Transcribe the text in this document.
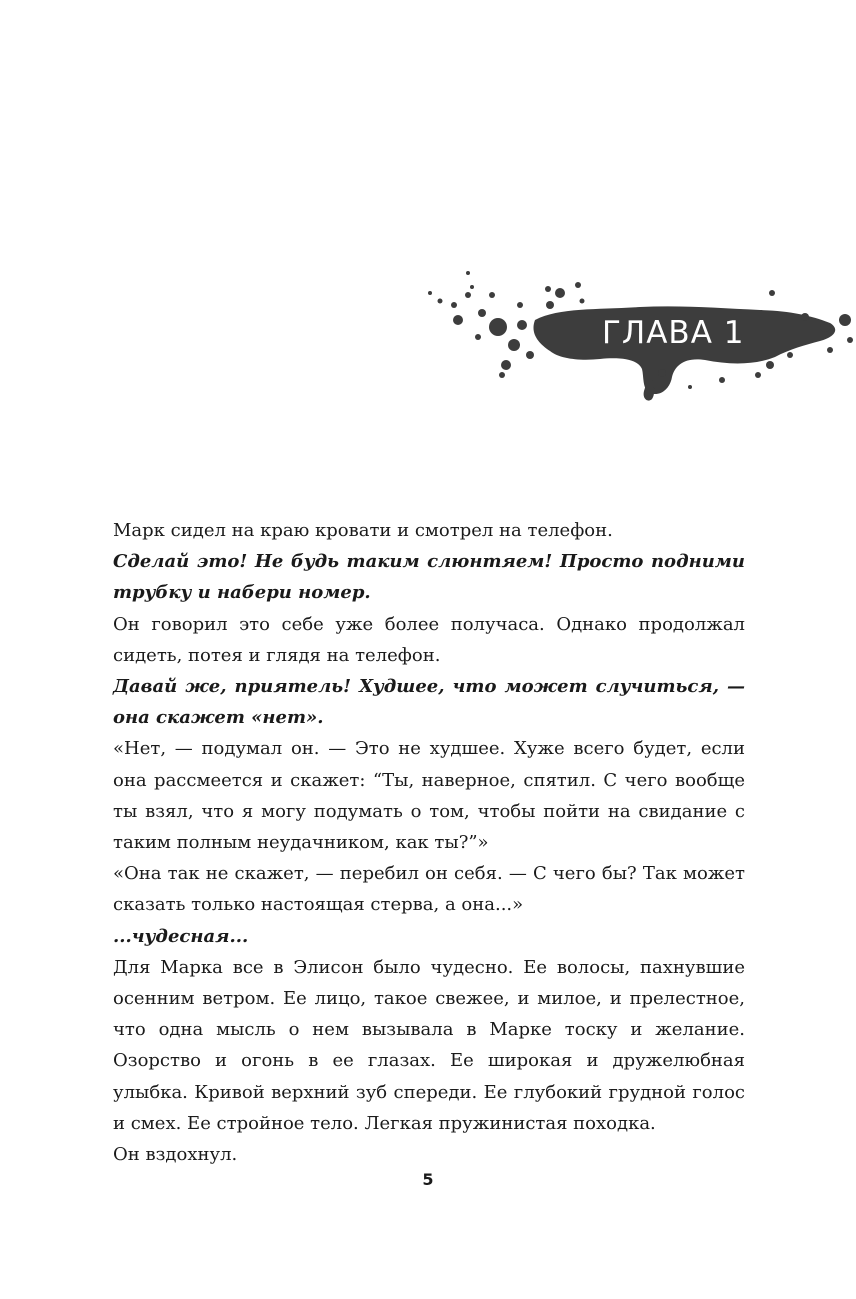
ГЛАВА 1

Марк сидел на краю кровати и смотрел на телефон.

Сделай это! Не будь таким слюнтяем! Просто подними трубку и набери номер.

Он говорил это себе уже более получаса. Однако продолжал сидеть, потея и глядя на телефон.

Давай же, приятель! Худшее, что может случиться, — она скажет «нет».

«Нет, — подумал он. — Это не худшее. Хуже всего будет, если она рассмеется и скажет: “Ты, наверное, спятил. С чего вообще ты взял, что я могу подумать о том, чтобы пойти на свидание с таким полным неудачником, как ты?”»

«Она так не скажет, — перебил он себя. — С чего бы? Так может сказать только настоящая стерва, а она...»

...чудесная...

Для Марка все в Элисон было чудесно. Ее волосы, пахнувшие осенним ветром. Ее лицо, такое свежее, и милое, и прелестное, что одна мысль о нем вызывала в Марке тоску и желание. Озорство и огонь в ее глазах. Ее широкая и дружелюбная улыбка. Кривой верхний зуб спереди. Ее глубокий грудной голос и смех. Ее стройное тело. Легкая пружинистая походка.

Он вздохнул.

5
